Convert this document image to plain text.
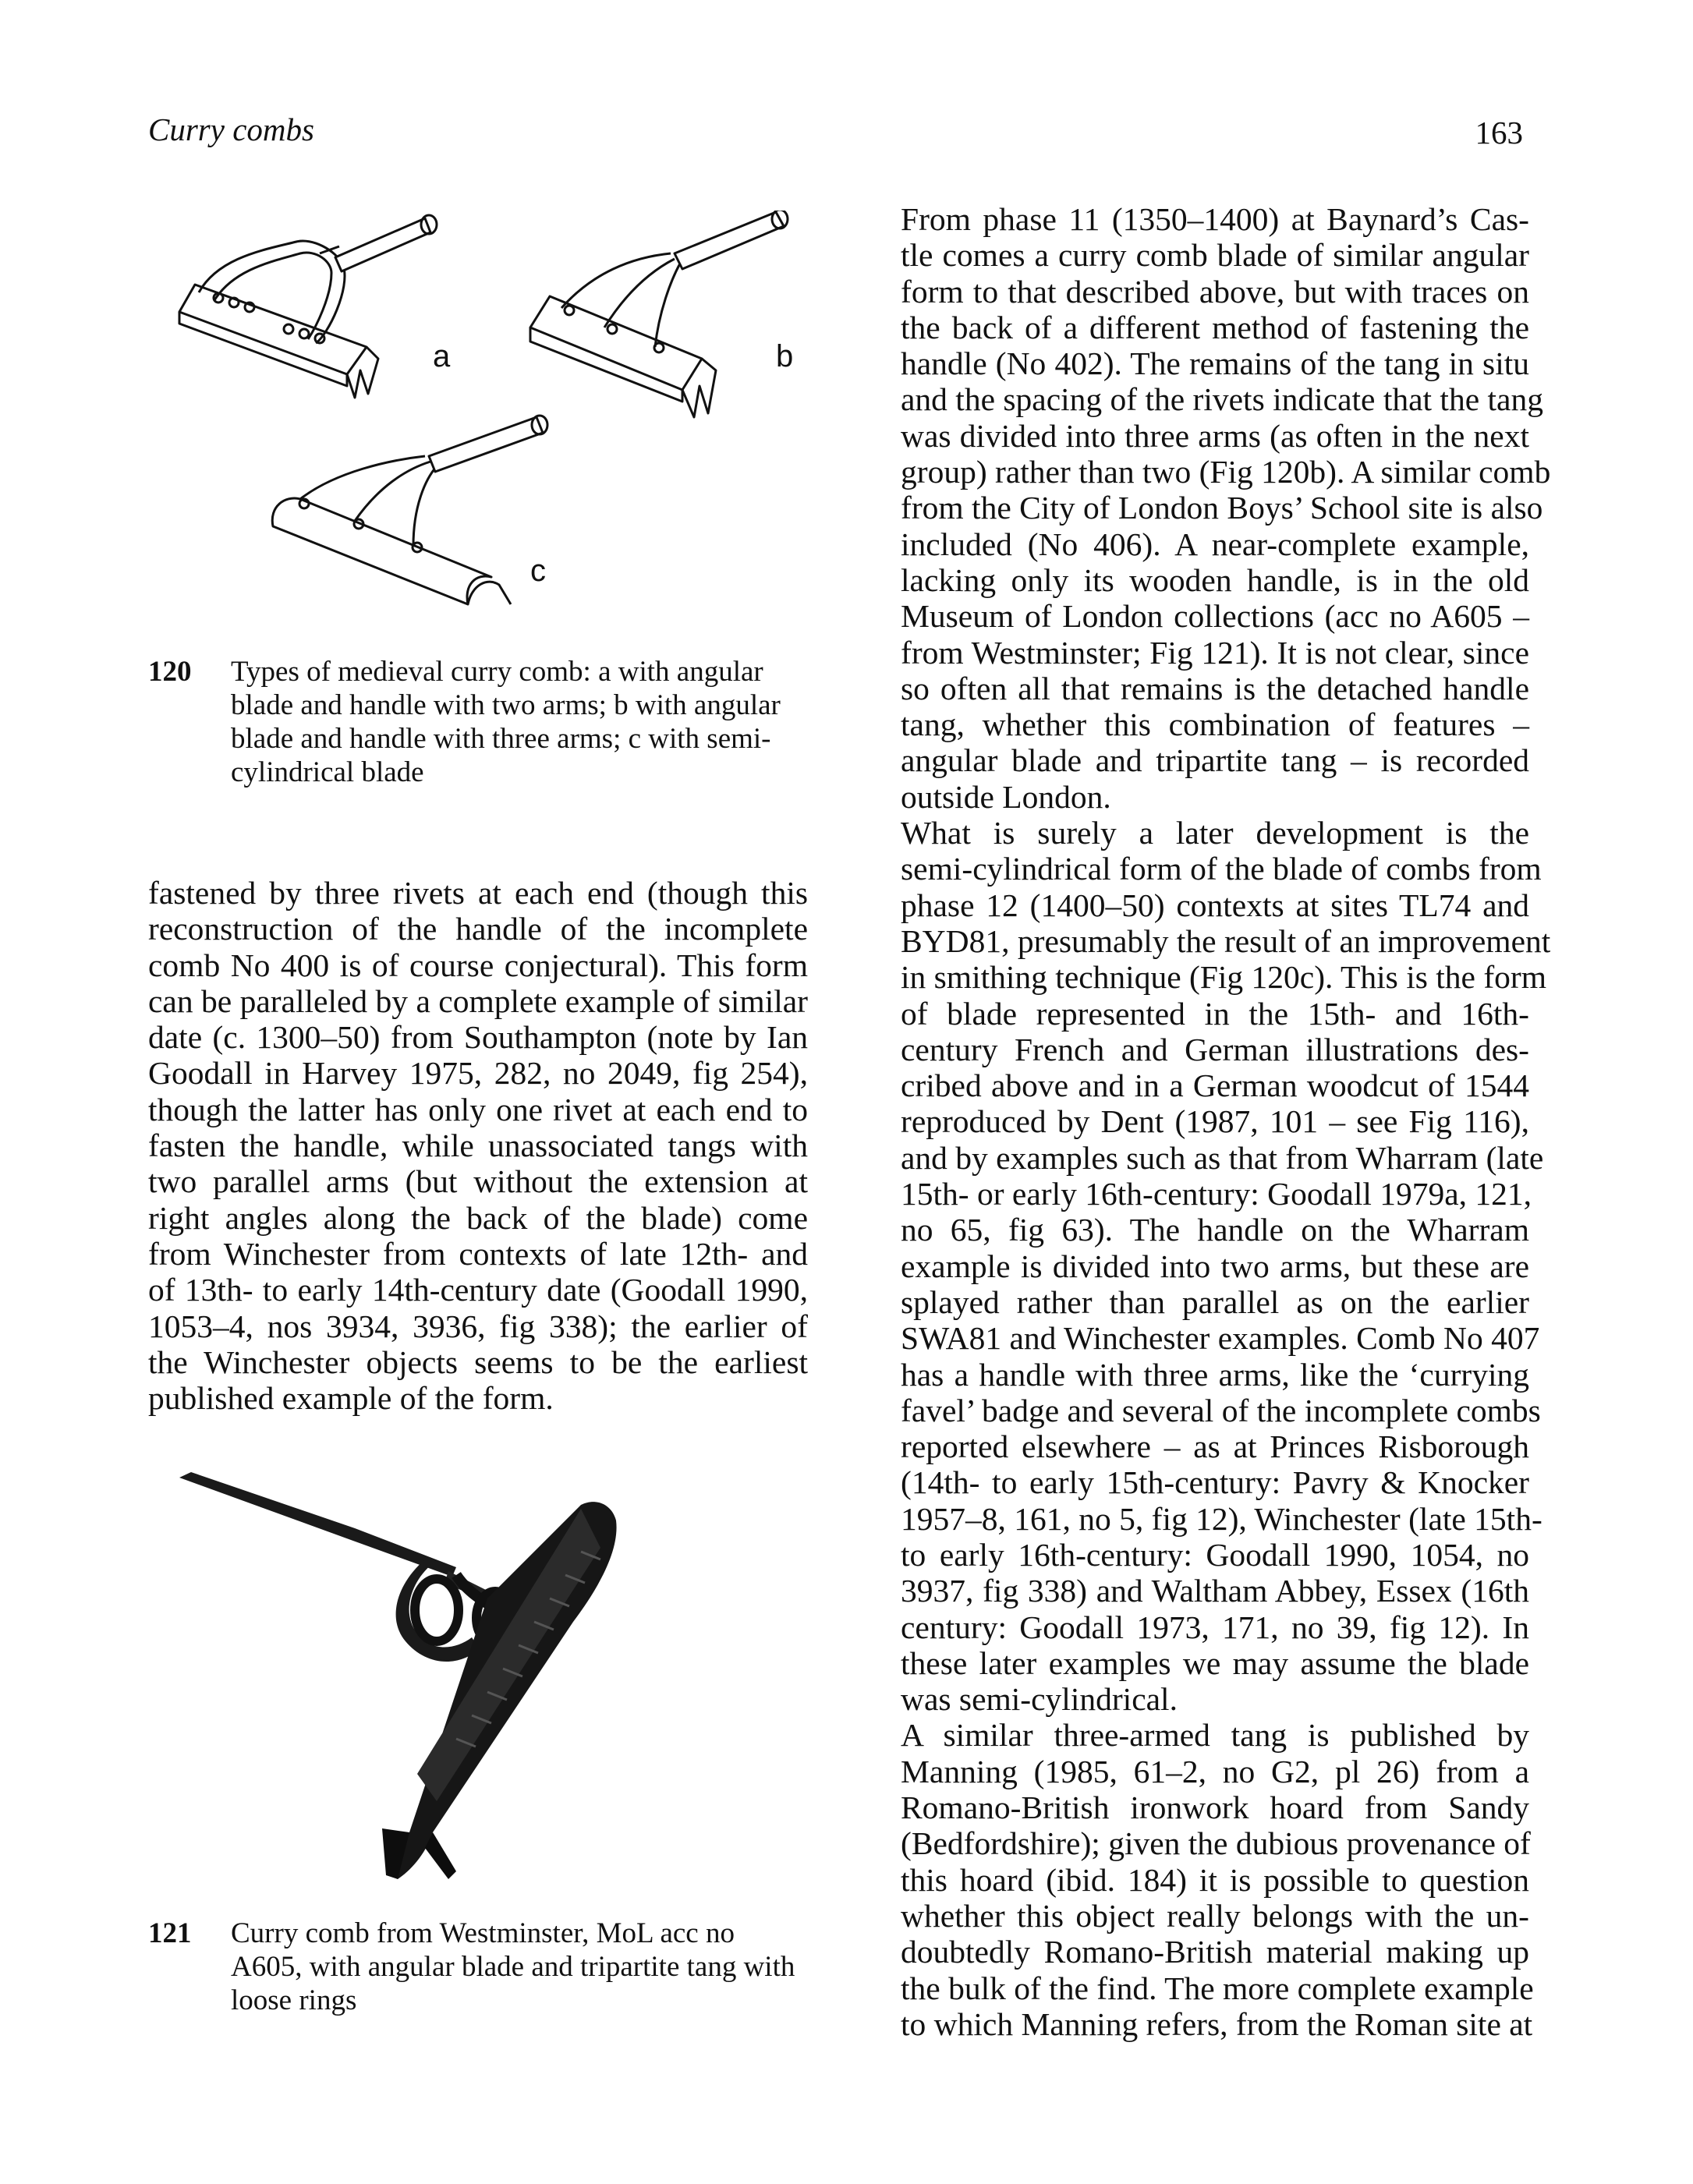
Curry combs	163
a	b
c
120 Types of medieval curry comb: a with angular
blade and handle with two arms; b with angular
blade and handle with three arms; c with semi-
cylindrical blade

fastened by three rivets at each end (though this
reconstruction of the handle of the incomplete
comb No 400 is of course conjectural). This form
can be paralleled by a complete example of similar
date (c. 1300–50) from Southampton (note by Ian
Goodall in Harvey 1975, 282, no 2049, fig 254),
though the latter has only one rivet at each end to
fasten the handle, while unassociated tangs with
two parallel arms (but without the extension at
right angles along the back of the blade) come
from Winchester from contexts of late 12th- and
of 13th- to early 14th-century date (Goodall 1990,
1053–4, nos 3934, 3936, fig 338); the earlier of
the Winchester objects seems to be the earliest
published example of the form.

121 Curry comb from Westminster, MoL acc no
A605, with angular blade and tripartite tang with
loose rings

From phase 11 (1350–1400) at Baynard’s Cas-
tle comes a curry comb blade of similar angular
form to that described above, but with traces on
the back of a different method of fastening the
handle (No 402). The remains of the tang in situ
and the spacing of the rivets indicate that the tang
was divided into three arms (as often in the next
group) rather than two (Fig 120b). A similar comb
from the City of London Boys’ School site is also
included (No 406). A near-complete example,
lacking only its wooden handle, is in the old
Museum of London collections (acc no A605 –
from Westminster; Fig 121). It is not clear, since
so often all that remains is the detached handle
tang, whether this combination of features –
angular blade and tripartite tang – is recorded
outside London.

What is surely a later development is the
semi-cylindrical form of the blade of combs from
phase 12 (1400–50) contexts at sites TL74 and
BYD81, presumably the result of an improvement
in smithing technique (Fig 120c). This is the form
of blade represented in the 15th- and 16th-
century French and German illustrations des-
cribed above and in a German woodcut of 1544
reproduced by Dent (1987, 101 – see Fig 116),
and by examples such as that from Wharram (late
15th- or early 16th-century: Goodall 1979a, 121,
no 65, fig 63). The handle on the Wharram
example is divided into two arms, but these are
splayed rather than parallel as on the earlier
SWA81 and Winchester examples. Comb No 407
has a handle with three arms, like the ‘currying
favel’ badge and several of the incomplete combs
reported elsewhere – as at Princes Risborough
(14th- to early 15th-century: Pavry & Knocker
1957–8, 161, no 5, fig 12), Winchester (late 15th-
to early 16th-century: Goodall 1990, 1054, no
3937, fig 338) and Waltham Abbey, Essex (16th
century: Goodall 1973, 171, no 39, fig 12). In
these later examples we may assume the blade
was semi-cylindrical.

A similar three-armed tang is published by
Manning (1985, 61–2, no G2, pl 26) from a
Romano-British ironwork hoard from Sandy
(Bedfordshire); given the dubious provenance of
this hoard (ibid. 184) it is possible to question
whether this object really belongs with the un-
doubtedly Romano-British material making up
the bulk of the find. The more complete example
to which Manning refers, from the Roman site at
